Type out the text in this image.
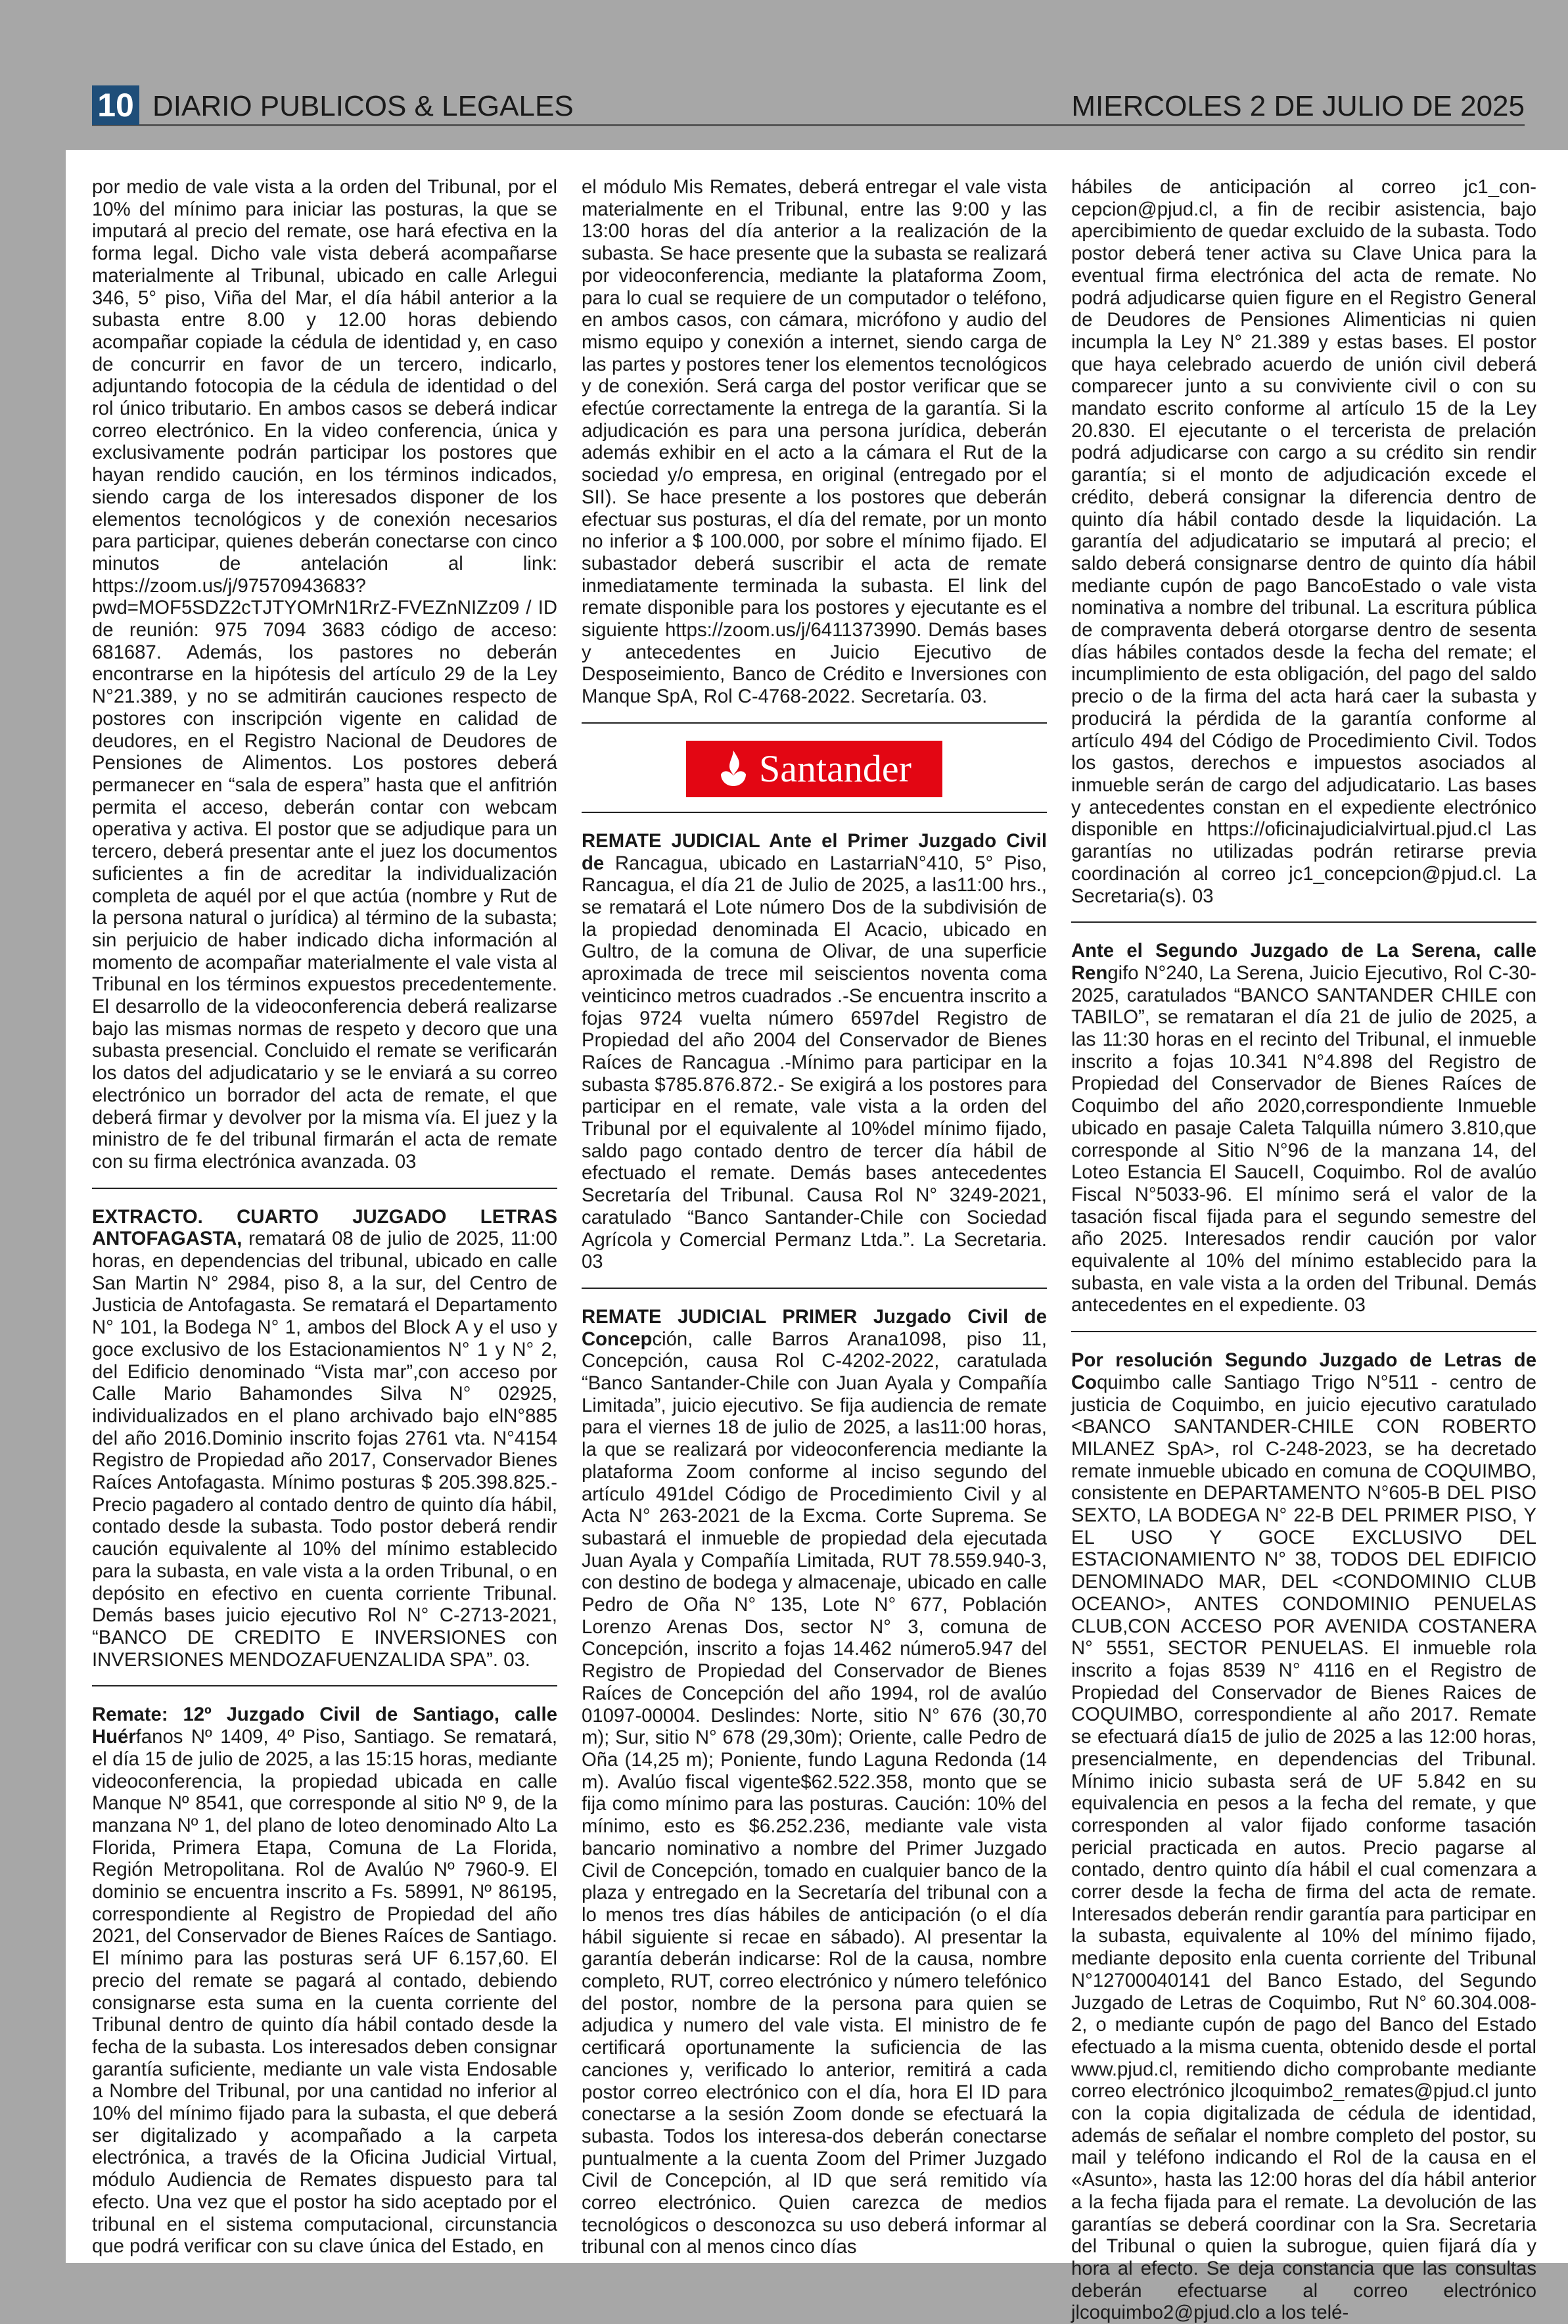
10 DIARIO PUBLICOS & LEGALES	MIERCOLES 2 DE JULIO DE 2025

por medio de vale vista a la orden del Tribunal, por el 10% del mínimo para iniciar las posturas, la que se imputará al precio del remate, ose hará efectiva en la forma legal. Dicho vale vista deberá acompañarse materialmente al Tribunal, ubicado en calle Arlegui 346, 5° piso, Viña del Mar, el día hábil anterior a la subasta entre 8.00 y 12.00 horas debiendo acompañar copiade la cédula de identidad y, en caso de concurrir en favor de un tercero, indicarlo, adjuntando fotocopia de la cédula de identidad o del rol único tributario. En ambos casos se deberá indicar correo electrónico. En la video conferencia, única y exclusivamente podrán participar los postores que hayan rendido caución, en los términos indicados, siendo carga de los interesados disponer de los elementos tecnológicos y de conexión necesarios para participar, quienes deberán conectarse con cinco minutos de antelación al link: https://zoom.us/j/97570943683?pwd=MOF5SDZ2cTJTYOMrN1RrZ-FVEZnNIZz09 / ID de reunión: 975 7094 3683 código de acceso: 681687. Además, los pastores no deberán encontrarse en la hipótesis del artículo 29 de la Ley N°21.389, y no se admitirán cauciones respecto de postores con inscripción vigente en calidad de deudores, en el Registro Nacional de Deudores de Pensiones de Alimentos. Los postores deberá permanecer en “sala de espera” hasta que el anfitrión permita el acceso, deberán contar con webcam operativa y activa. El postor que se adjudique para un tercero, deberá presentar ante el juez los documentos suficientes a fin de acreditar la individualización completa de aquél por el que actúa (nombre y Rut de la persona natural o jurídica) al término de la subasta; sin perjuicio de haber indicado dicha información al momento de acompañar materialmente el vale vista al Tribunal en los términos expuestos precedentemente. El desarrollo de la videoconferencia deberá realizarse bajo las mismas normas de respeto y decoro que una subasta presencial. Concluido el remate se verificarán los datos del adjudicatario y se le enviará a su correo electrónico un borrador del acta de remate, el que deberá firmar y devolver por la misma vía. El juez y la ministro de fe del tribunal firmarán el acta de remate con su firma electrónica avanzada. 03

EXTRACTO. CUARTO JUZGADO LETRAS ANTOFAGASTA, rematará 08 de julio de 2025, 11:00 horas, en dependencias del tribunal, ubicado en calle San Martin N° 2984, piso 8, a la sur, del Centro de Justicia de Antofagasta. Se rematará el Departamento N° 101, la Bodega N° 1, ambos del Block A y el uso y goce exclusivo de los Estacionamientos N° 1 y N° 2, del Edificio denominado “Vista mar”,con acceso por Calle Mario Bahamondes Silva N° 02925, individualizados en el plano archivado bajo elN°885 del año 2016.Dominio inscrito fojas 2761 vta. N°4154 Registro de Propiedad año 2017, Conservador Bienes Raíces Antofagasta. Mínimo posturas $ 205.398.825.- Precio pagadero al contado dentro de quinto día hábil, contado desde la subasta. Todo postor deberá rendir caución equivalente al 10% del mínimo establecido para la subasta, en vale vista a la orden Tribunal, o en depósito en efectivo en cuenta corriente Tribunal. Demás bases juicio ejecutivo Rol N° C-2713-2021, “BANCO DE CREDITO E INVERSIONES con INVERSIONES MENDOZAFUENZALIDA SPA”. 03.

Remate: 12º Juzgado Civil de Santiago, calle Huérfanos Nº 1409, 4º Piso, Santiago. Se rematará, el día 15 de julio de 2025, a las 15:15 horas, mediante videoconferencia, la propiedad ubicada en calle Manque Nº 8541, que corresponde al sitio Nº 9, de la manzana Nº 1, del plano de loteo denominado Alto La Florida, Primera Etapa, Comuna de La Florida, Región Metropolitana. Rol de Avalúo Nº 7960-9. El dominio se encuentra inscrito a Fs. 58991, Nº 86195, correspondiente al Registro de Propiedad del año 2021, del Conservador de Bienes Raíces de Santiago. El mínimo para las posturas será UF 6.157,60. El precio del remate se pagará al contado, debiendo consignarse esta suma en la cuenta corriente del Tribunal dentro de quinto día hábil contado desde la fecha de la subasta. Los interesados deben consignar garantía suficiente, mediante un vale vista Endosable a Nombre del Tribunal, por una cantidad no inferior al 10% del mínimo fijado para la subasta, el que deberá ser digitalizado y acompañado a la carpeta electrónica, a través de la Oficina Judicial Virtual, módulo Audiencia de Remates dispuesto para tal efecto. Una vez que el postor ha sido aceptado por el tribunal en el sistema computacional, circunstancia que podrá verificar con su clave única del Estado, en

el módulo Mis Remates, deberá entregar el vale vista materialmente en el Tribunal, entre las 9:00 y las 13:00 horas del día anterior a la realización de la subasta. Se hace presente que la subasta se realizará por videoconferencia, mediante la plataforma Zoom, para lo cual se requiere de un computador o teléfono, en ambos casos, con cámara, micrófono y audio del mismo equipo y conexión a internet, siendo carga de las partes y postores tener los elementos tecnológicos y de conexión. Será carga del postor verificar que se efectúe correctamente la entrega de la garantía. Si la adjudicación es para una persona jurídica, deberán además exhibir en el acto a la cámara el Rut de la sociedad y/o empresa, en original (entregado por el SII). Se hace presente a los postores que deberán efectuar sus posturas, el día del remate, por un monto no inferior a $ 100.000, por sobre el mínimo fijado. El subastador deberá suscribir el acta de remate inmediatamente terminada la subasta. El link del remate disponible para los postores y ejecutante es el siguiente https://zoom.us/j/6411373990. Demás bases y antecedentes en Juicio Ejecutivo de Desposeimiento, Banco de Crédito e Inversiones con Manque SpA, Rol C-4768-2022. Secretaría. 03.

Santander

REMATE JUDICIAL Ante el Primer Juzgado Civil de Rancagua, ubicado en LastarriaN°410, 5° Piso, Rancagua, el día 21 de Julio de 2025, a las11:00 hrs., se rematará el Lote número Dos de la subdivisión de la propiedad denominada El Acacio, ubicado en Gultro, de la comuna de Olivar, de una superficie aproximada de trece mil seiscientos noventa coma veinticinco metros cuadrados .-Se encuentra inscrito a fojas 9724 vuelta número 6597del Registro de Propiedad del año 2004 del Conservador de Bienes Raíces de Rancagua .-Mínimo para participar en la subasta $785.876.872.- Se exigirá a los postores para participar en el remate, vale vista a la orden del Tribunal por el equivalente al 10%del mínimo fijado, saldo pago contado dentro de tercer día hábil de efectuado el remate. Demás bases antecedentes Secretaría del Tribunal. Causa Rol N° 3249-2021, caratulado “Banco Santander-Chile con Sociedad Agrícola y Comercial Permanz Ltda.”. La Secretaria. 03

REMATE JUDICIAL PRIMER Juzgado Civil de Concepción, calle Barros Arana1098, piso 11, Concepción, causa Rol C-4202-2022, caratulada “Banco Santander-Chile con Juan Ayala y Compañía Limitada”, juicio ejecutivo. Se fija audiencia de remate para el viernes 18 de julio de 2025, a las11:00 horas, la que se realizará por videoconferencia mediante la plataforma Zoom conforme al inciso segundo del artículo 491del Código de Procedimiento Civil y al Acta N° 263-2021 de la Excma. Corte Suprema. Se subastará el inmueble de propiedad dela ejecutada Juan Ayala y Compañía Limitada, RUT 78.559.940-3, con destino de bodega y almacenaje, ubicado en calle Pedro de Oña N° 135, Lote N° 677, Población Lorenzo Arenas Dos, sector N° 3, comuna de Concepción, inscrito a fojas 14.462 número5.947 del Registro de Propiedad del Conservador de Bienes Raíces de Concepción del año 1994, rol de avalúo 01097-00004. Deslindes: Norte, sitio N° 676 (30,70 m); Sur, sitio N° 678 (29,30m); Oriente, calle Pedro de Oña (14,25 m); Poniente, fundo Laguna Redonda (14 m). Avalúo fiscal vigente$62.522.358, monto que se fija como mínimo para las posturas. Caución: 10% del mínimo, esto es $6.252.236, mediante vale vista bancario nominativo a nombre del Primer Juzgado Civil de Concepción, tomado en cualquier banco de la plaza y entregado en la Secretaría del tribunal con a lo menos tres días hábiles de anticipación (o el día hábil siguiente si recae en sábado). Al presentar la garantía deberán indicarse: Rol de la causa, nombre completo, RUT, correo electrónico y número telefónico del postor, nombre de la persona para quien se adjudica y numero del vale vista. El ministro de fe certificará oportunamente la suficiencia de las canciones y, verificado lo anterior, remitirá a cada postor correo electrónico con el día, hora El ID para conectarse a la sesión Zoom donde se efectuará la subasta. Todos los interesa-dos deberán conectarse puntualmente a la cuenta Zoom del Primer Juzgado Civil de Concepción, al ID que será remitido vía correo electrónico. Quien carezca de medios tecnológicos o desconozca su uso deberá informar al tribunal con al menos cinco días

hábiles de anticipación al correo jc1_con-cepcion@pjud.cl, a fin de recibir asistencia, bajo apercibimiento de quedar excluido de la subasta. Todo postor deberá tener activa su Clave Unica para la eventual firma electrónica del acta de remate. No podrá adjudicarse quien figure en el Registro General de Deudores de Pensiones Alimenticias ni quien incumpla la Ley N° 21.389 y estas bases. El postor que haya celebrado acuerdo de unión civil deberá comparecer junto a su conviviente civil o con su mandato escrito conforme al artículo 15 de la Ley 20.830. El ejecutante o el tercerista de prelación podrá adjudicarse con cargo a su crédito sin rendir garantía; si el monto de adjudicación excede el crédito, deberá consignar la diferencia dentro de quinto día hábil contado desde la liquidación. La garantía del adjudicatario se imputará al precio; el saldo deberá consignarse dentro de quinto día hábil mediante cupón de pago BancoEstado o vale vista nominativa a nombre del tribunal. La escritura pública de compraventa deberá otorgarse dentro de sesenta días hábiles contados desde la fecha del remate; el incumplimiento de esta obligación, del pago del saldo precio o de la firma del acta hará caer la subasta y producirá la pérdida de la garantía conforme al artículo 494 del Código de Procedimiento Civil. Todos los gastos, derechos e impuestos asociados al inmueble serán de cargo del adjudicatario. Las bases y antecedentes constan en el expediente electrónico disponible en https://oficinajudicialvirtual.pjud.cl Las garantías no utilizadas podrán retirarse previa coordinación al correo jc1_concepcion@pjud.cl. La Secretaria(s). 03

Ante el Segundo Juzgado de La Serena, calle Rengifo N°240, La Serena, Juicio Ejecutivo, Rol C-30-2025, caratulados “BANCO SANTANDER CHILE con TABILO”, se remataran el día 21 de julio de 2025, a las 11:30 horas en el recinto del Tribunal, el inmueble inscrito a fojas 10.341 N°4.898 del Registro de Propiedad del Conservador de Bienes Raíces de Coquimbo del año 2020,correspondiente Inmueble ubicado en pasaje Caleta Talquilla número 3.810,que corresponde al Sitio N°96 de la manzana 14, del Loteo Estancia El SauceII, Coquimbo. Rol de avalúo Fiscal N°5033-96. El mínimo será el valor de la tasación fiscal fijada para el segundo semestre del año 2025. Interesados rendir caución por valor equivalente al 10% del mínimo establecido para la subasta, en vale vista a la orden del Tribunal. Demás antecedentes en el expediente. 03

Por resolución Segundo Juzgado de Letras de Coquimbo calle Santiago Trigo N°511 - centro de justicia de Coquimbo, en juicio ejecutivo caratulado <BANCO SANTANDER-CHILE CON ROBERTO MILANEZ SpA>, rol C-248-2023, se ha decretado remate inmueble ubicado en comuna de COQUIMBO, consistente en DEPARTAMENTO N°605-B DEL PISO SEXTO, LA BODEGA N° 22-B DEL PRIMER PISO, Y EL USO Y GOCE EXCLUSIVO DEL ESTACIONAMIENTO N° 38, TODOS DEL EDIFICIO DENOMINADO MAR, DEL <CONDOMINIO CLUB OCEANO>, ANTES CONDOMINIO PENUELAS CLUB,CON ACCESO POR AVENIDA COSTANERA N° 5551, SECTOR PENUELAS. El inmueble rola inscrito a fojas 8539 N° 4116 en el Registro de Propiedad del Conservador de Bienes Raices de COQUIMBO, correspondiente al año 2017. Remate se efectuará día15 de julio de 2025 a las 12:00 horas, presencialmente, en dependencias del Tribunal. Mínimo inicio subasta será de UF 5.842 en su equivalencia en pesos a la fecha del remate, y que corresponden al valor fijado conforme tasación pericial practicada en autos. Precio pagarse al contado, dentro quinto día hábil el cual comenzara a correr desde la fecha de firma del acta de remate. Interesados deberán rendir garantía para participar en la subasta, equivalente al 10% del mínimo fijado, mediante deposito enla cuenta corriente del Tribunal N°12700040141 del Banco Estado, del Segundo Juzgado de Letras de Coquimbo, Rut N° 60.304.008-2, o mediante cupón de pago del Banco del Estado efectuado a la misma cuenta, obtenido desde el portal www.pjud.cl, remitiendo dicho comprobante mediante correo electrónico jlcoquimbo2_remates@pjud.cl junto con la copia digitalizada de cédula de identidad, además de señalar el nombre completo del postor, su mail y teléfono indicando el Rol de la causa en el «Asunto», hasta las 12:00 horas del día hábil anterior a la fecha fijada para el remate. La devolución de las garantías se deberá coordinar con la Sra. Secretaria del Tribunal o quien la subrogue, quien fijará día y hora al efecto. Se deja constancia que las consultas deberán efectuarse al correo electrónico jlcoquimbo2@pjud.clo a los telé-
